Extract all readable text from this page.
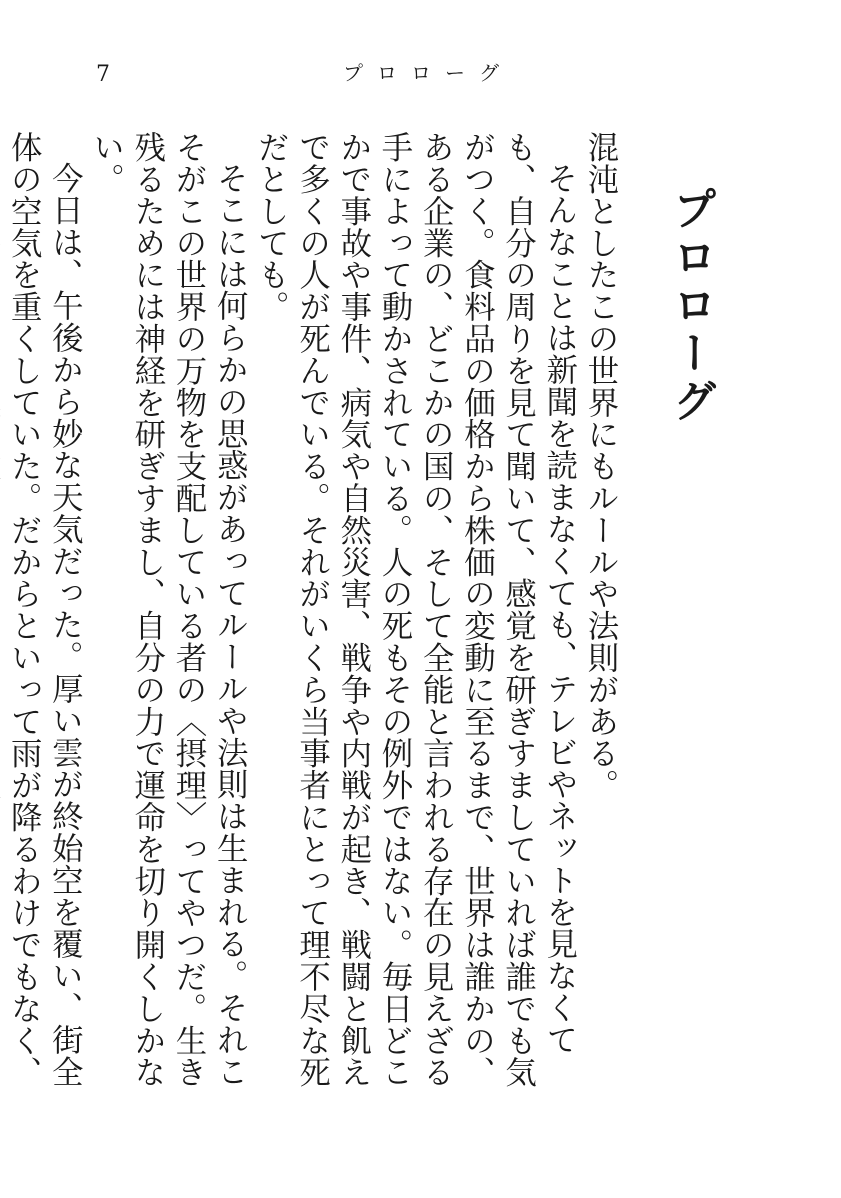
7	プロローグ
プロローグ

混沌としたこの世界にもルールや法則がある。

そんなことは新聞を読まなくても、テレビやネットを見なくても、自分の周りを見て聞いて、感覚を研ぎすましていれば誰でも気がつく。食料品の価格から株価の変動に至るまで、世界は誰かの、ある企業の、どこかの国の、そして全能と言われる存在の見えざる手によって動かされている。人の死もその例外ではない。毎日どこかで事故や事件、病気や自然災害、戦争や内戦が起き、戦闘と飢えで多くの人が死んでいる。それがいくら当事者にとって理不尽な死だとしても。

そこには何らかの思惑があってルールや法則は生まれる。それこそがこの世界の万物を支配している者の〈摂理〉ってやつだ。生き残るためには神経を研ぎすまし、自分の力で運命を切り開くしかない。

今日は、午後から妙な天気だった。厚い雲が終始空を覆い、街全体の空気を重くしていた。だからといって雨が降るわけでもなく、
